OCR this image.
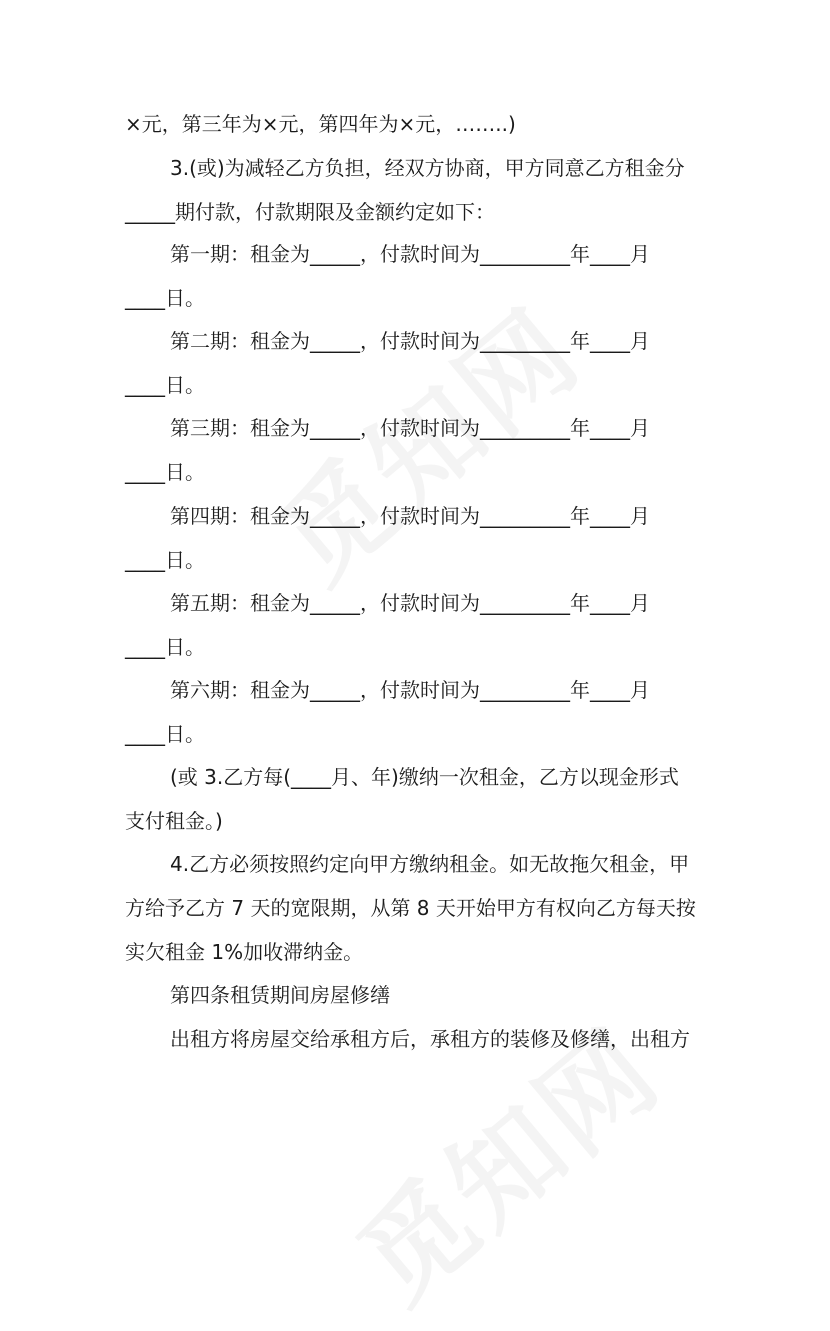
×元，第三年为×元，第四年为×元，……..)
3.(或)为减轻乙方负担，经双方协商，甲方同意乙方租金分
_____期付款，付款期限及金额约定如下：
第一期：租金为_____，付款时间为_________年____月
____日。
第二期：租金为_____，付款时间为_________年____月
____日。
第三期：租金为_____，付款时间为_________年____月
____日。
第四期：租金为_____，付款时间为_________年____月
____日。
第五期：租金为_____，付款时间为_________年____月
____日。
第六期：租金为_____，付款时间为_________年____月
____日。
(或 3.乙方每(____月、年)缴纳一次租金，乙方以现金形式
支付租金。)
4.乙方必须按照约定向甲方缴纳租金。如无故拖欠租金，甲
方给予乙方 7 天的宽限期，从第 8 天开始甲方有权向乙方每天按
实欠租金 1%加收滞纳金。
第四条租赁期间房屋修缮
出租方将房屋交给承租方后，承租方的装修及修缮，出租方
